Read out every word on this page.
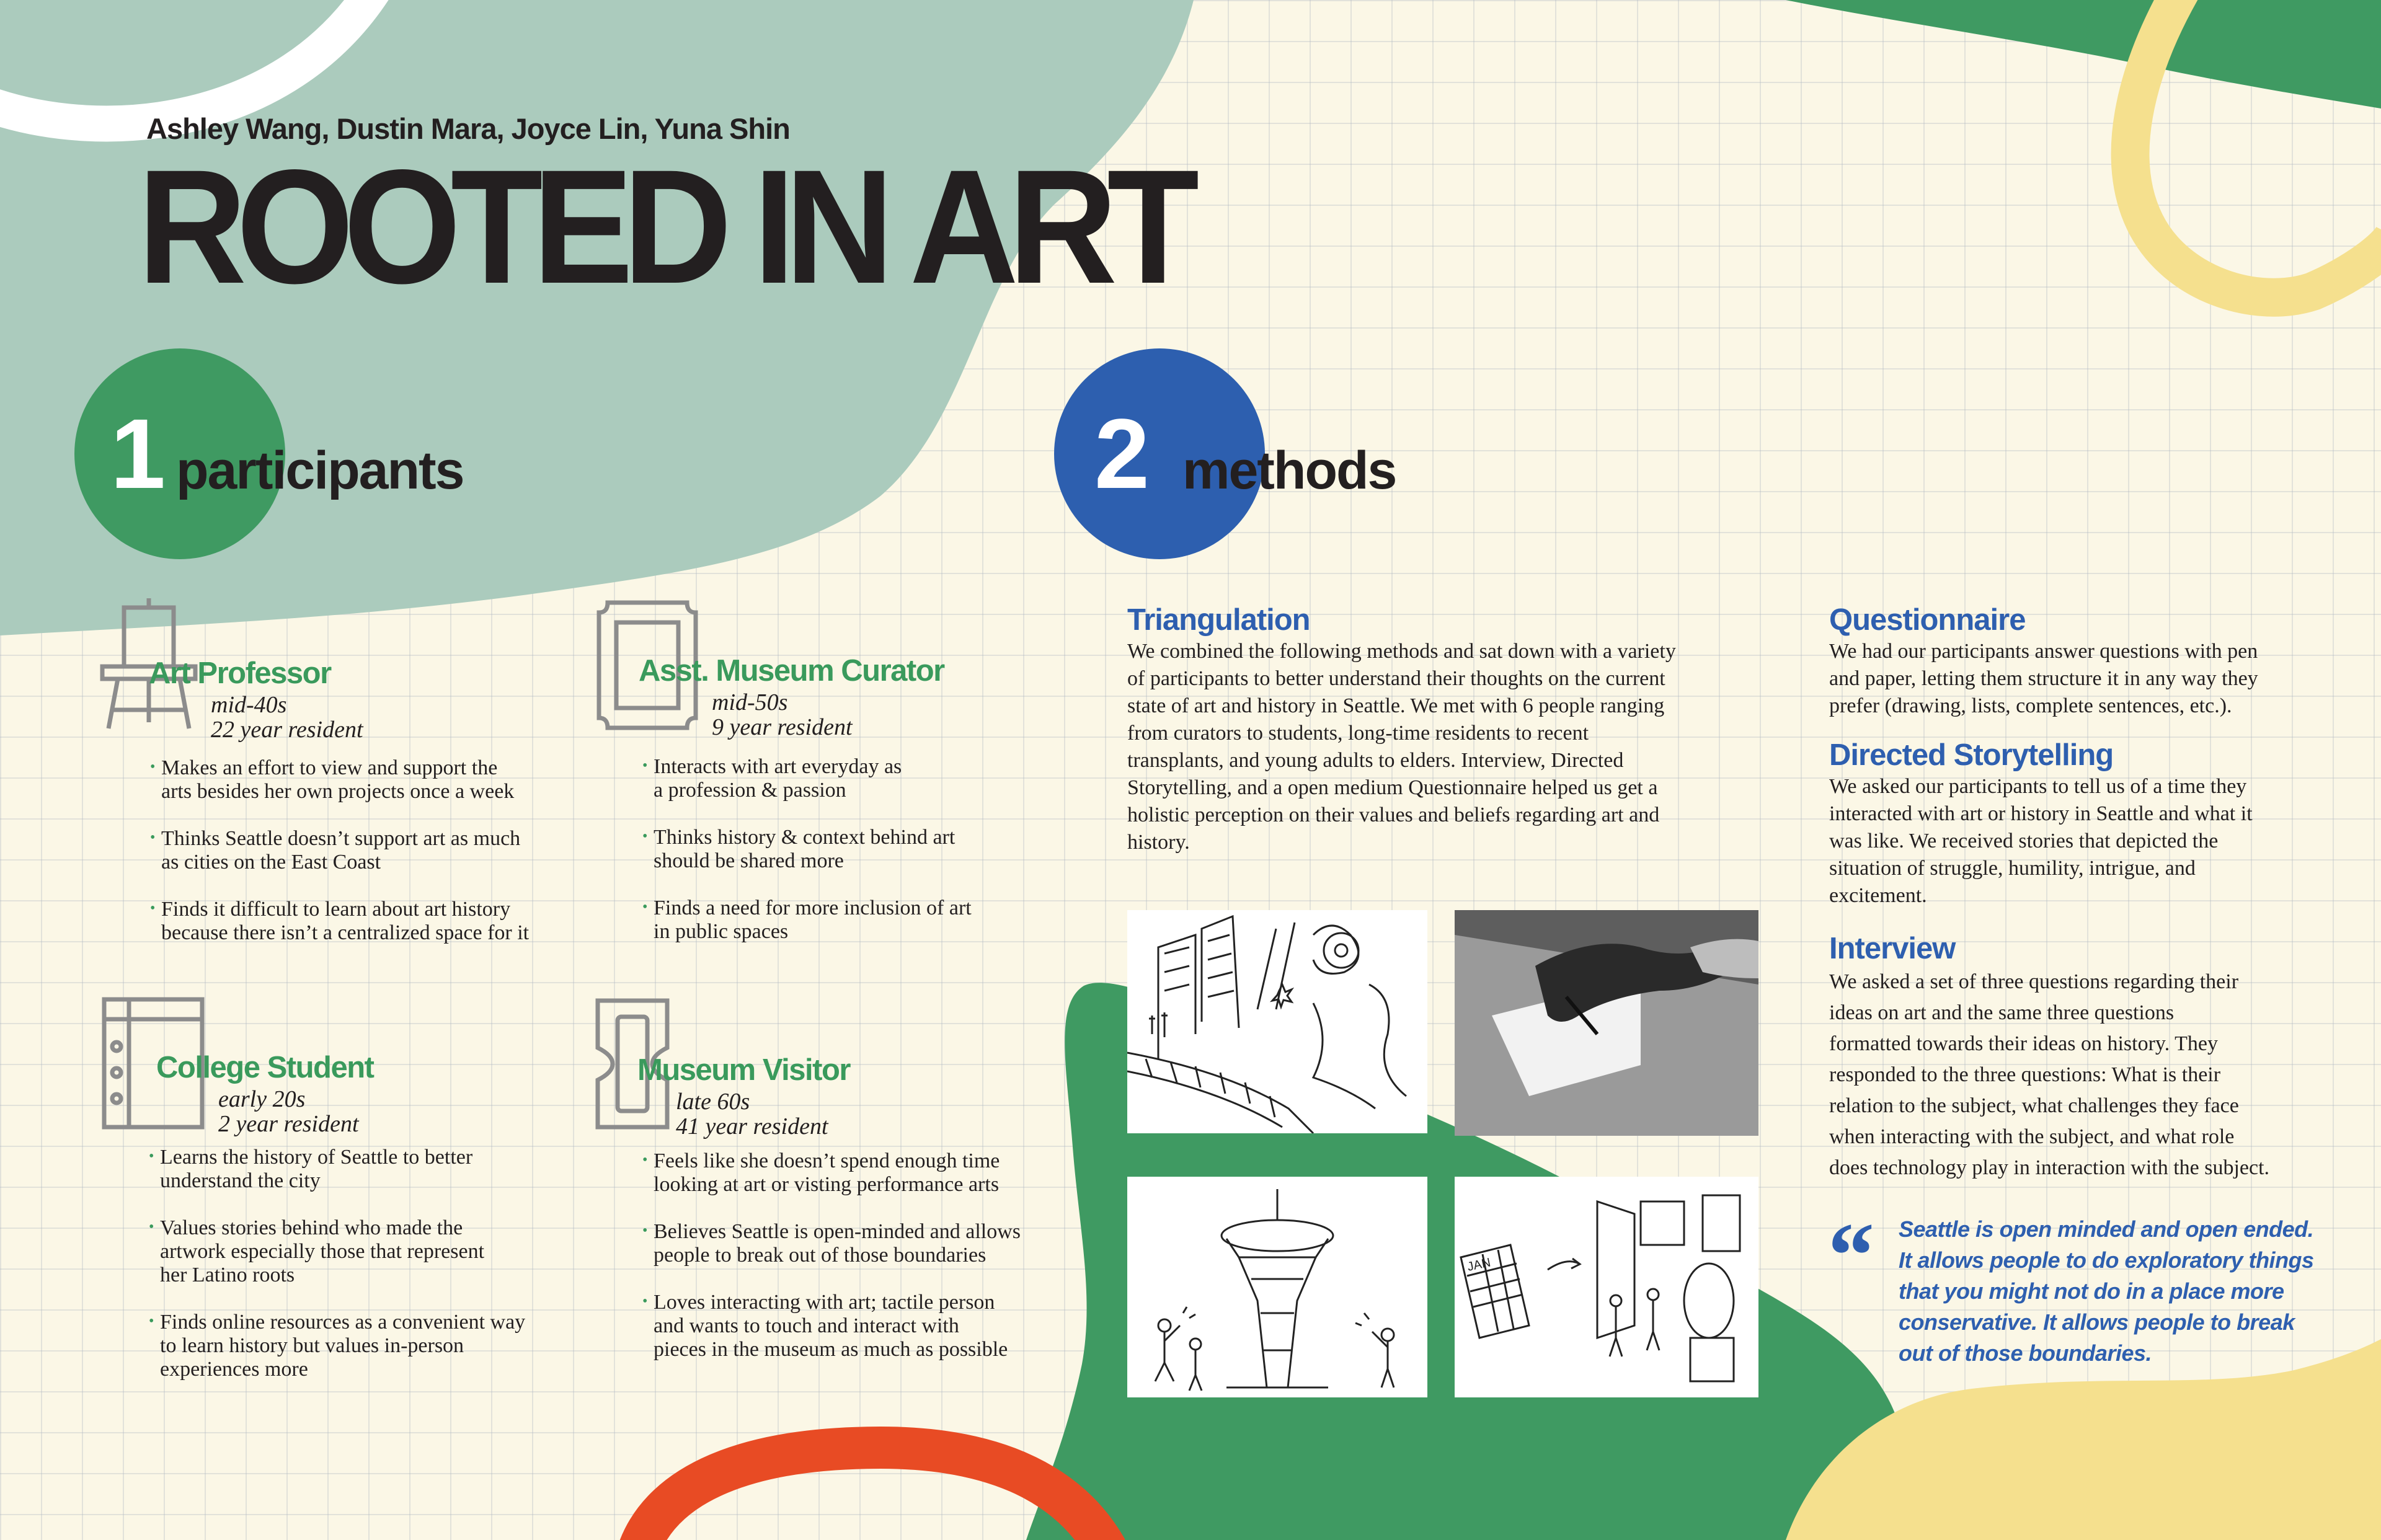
Ashley Wang, Dustin Mara, Joyce Lin, Yuna Shin
ROOTED IN ART
1 participants	2 methods
Art Professor
mid-40s
22 year resident
• Makes an effort to view and support the
arts besides her own projects once a week
• Thinks Seattle doesn’t support art as much
as cities on the East Coast
• Finds it difficult to learn about art history
because there isn’t a centralized space for it
Asst. Museum Curator
mid-50s
9 year resident
• Interacts with art everyday as
a profession & passion
• Thinks history & context behind art
should be shared more
• Finds a need for more inclusion of art
in public spaces
College Student
early 20s
2 year resident
• Learns the history of Seattle to better
understand the city
• Values stories behind who made the
artwork especially those that represent
her Latino roots
• Finds online resources as a convenient way
to learn history but values in-person
experiences more
Museum Visitor
late 60s
41 year resident
• Feels like she doesn’t spend enough time
looking at art or visting performance arts
• Believes Seattle is open-minded and allows
people to break out of those boundaries
• Loves interacting with art; tactile person
and wants to touch and interact with
pieces in the museum as much as possible
Triangulation
We combined the following methods and sat down with a variety
of participants to better understand their thoughts on the current
state of art and history in Seattle. We met with 6 people ranging
from curators to students, long-time residents to recent
transplants, and young adults to elders. Interview, Directed
Storytelling, and a open medium Questionnaire helped us get a
holistic perception on their values and beliefs regarding art and
history.
JAN
Questionnaire
We had our participants answer questions with pen
and paper, letting them structure it in any way they
prefer (drawing, lists, complete sentences, etc.).
Directed Storytelling
We asked our participants to tell us of a time they
interacted with art or history in Seattle and what it
was like. We received stories that depicted the
situation of struggle, humility, intrigue, and
excitement.
Interview
We asked a set of three questions regarding their
ideas on art and the same three questions
formatted towards their ideas on history. They
responded to the three questions: What is their
relation to the subject, what challenges they face
when interacting with the subject, and what role
does technology play in interaction with the subject.
“ Seattle is open minded and open ended.
It allows people to do exploratory things
that you might not do in a place more
conservative. It allows people to break
out of those boundaries.
